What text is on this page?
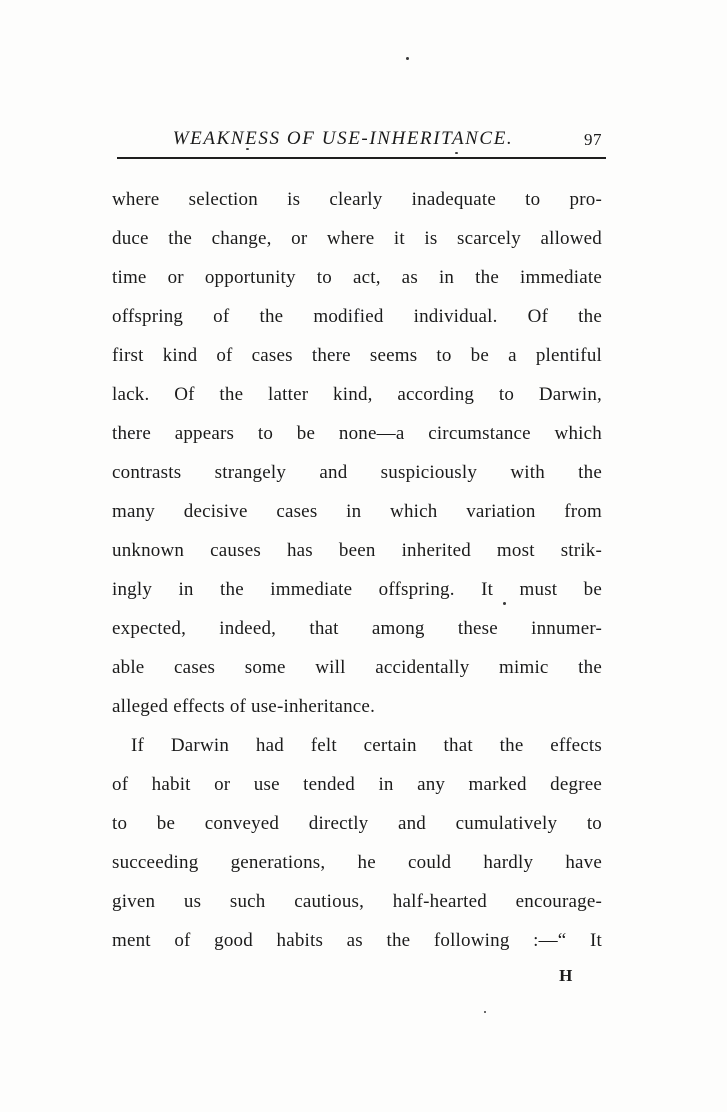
WEAKNESS OF USE-INHERITANCE.	97
where selection is clearly inadequate to pro-
duce the change, or where it is scarcely allowed
time or opportunity to act, as in the immediate
offspring of the modified individual. Of the
first kind of cases there seems to be a plentiful
lack. Of the latter kind, according to Darwin,
there appears to be none—a circumstance which
contrasts strangely and suspiciously with the
many decisive cases in which variation from
unknown causes has been inherited most strik-
ingly in the immediate offspring. It must be
expected, indeed, that among these innumer-
able cases some will accidentally mimic the
alleged effects of use-inheritance.
If Darwin had felt certain that the effects
of habit or use tended in any marked degree
to be conveyed directly and cumulatively to
succeeding generations, he could hardly have
given us such cautious, half-hearted encourage-
ment of good habits as the following :—“ It
H
